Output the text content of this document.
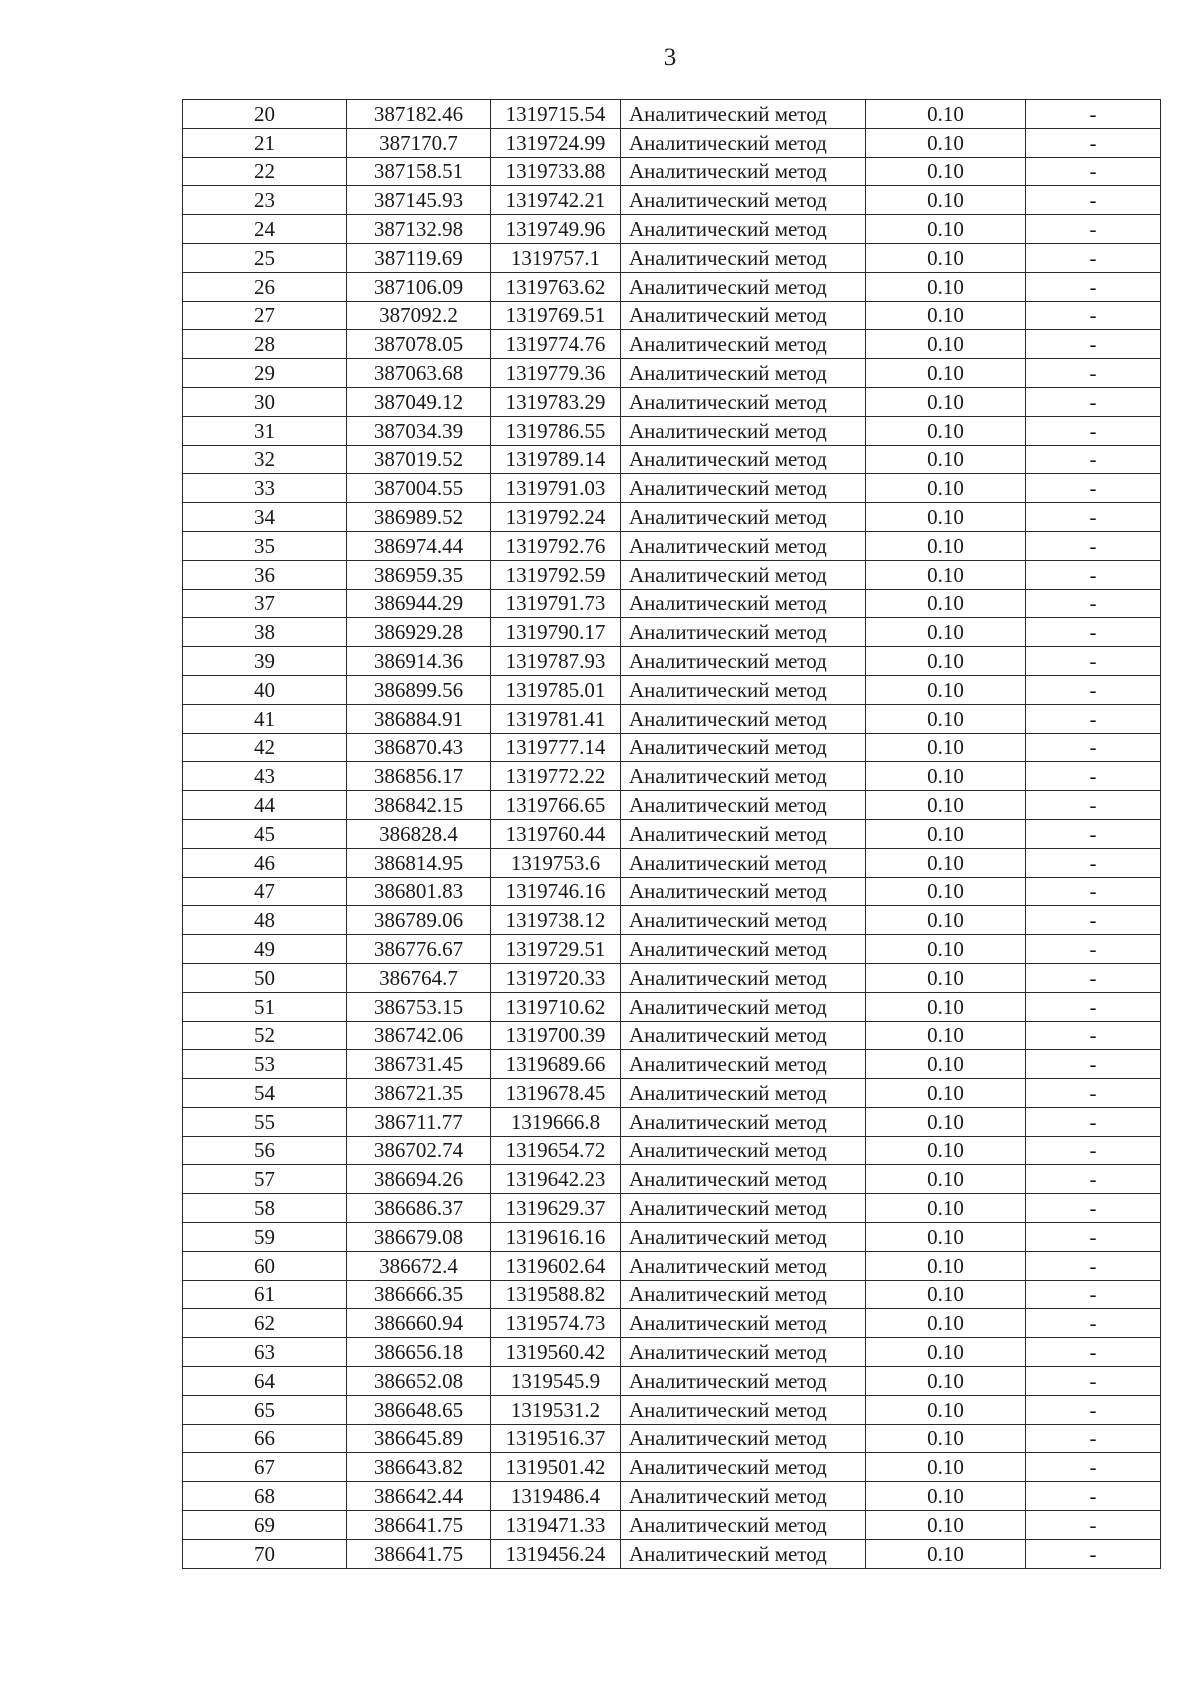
3
20	387182.46	1319715.54	Аналитический метод	0.10	-
21	387170.7	1319724.99	Аналитический метод	0.10	-
22	387158.51	1319733.88	Аналитический метод	0.10	-
23	387145.93	1319742.21	Аналитический метод	0.10	-
24	387132.98	1319749.96	Аналитический метод	0.10	-
25	387119.69	1319757.1	Аналитический метод	0.10	-
26	387106.09	1319763.62	Аналитический метод	0.10	-
27	387092.2	1319769.51	Аналитический метод	0.10	-
28	387078.05	1319774.76	Аналитический метод	0.10	-
29	387063.68	1319779.36	Аналитический метод	0.10	-
30	387049.12	1319783.29	Аналитический метод	0.10	-
31	387034.39	1319786.55	Аналитический метод	0.10	-
32	387019.52	1319789.14	Аналитический метод	0.10	-
33	387004.55	1319791.03	Аналитический метод	0.10	-
34	386989.52	1319792.24	Аналитический метод	0.10	-
35	386974.44	1319792.76	Аналитический метод	0.10	-
36	386959.35	1319792.59	Аналитический метод	0.10	-
37	386944.29	1319791.73	Аналитический метод	0.10	-
38	386929.28	1319790.17	Аналитический метод	0.10	-
39	386914.36	1319787.93	Аналитический метод	0.10	-
40	386899.56	1319785.01	Аналитический метод	0.10	-
41	386884.91	1319781.41	Аналитический метод	0.10	-
42	386870.43	1319777.14	Аналитический метод	0.10	-
43	386856.17	1319772.22	Аналитический метод	0.10	-
44	386842.15	1319766.65	Аналитический метод	0.10	-
45	386828.4	1319760.44	Аналитический метод	0.10	-
46	386814.95	1319753.6	Аналитический метод	0.10	-
47	386801.83	1319746.16	Аналитический метод	0.10	-
48	386789.06	1319738.12	Аналитический метод	0.10	-
49	386776.67	1319729.51	Аналитический метод	0.10	-
50	386764.7	1319720.33	Аналитический метод	0.10	-
51	386753.15	1319710.62	Аналитический метод	0.10	-
52	386742.06	1319700.39	Аналитический метод	0.10	-
53	386731.45	1319689.66	Аналитический метод	0.10	-
54	386721.35	1319678.45	Аналитический метод	0.10	-
55	386711.77	1319666.8	Аналитический метод	0.10	-
56	386702.74	1319654.72	Аналитический метод	0.10	-
57	386694.26	1319642.23	Аналитический метод	0.10	-
58	386686.37	1319629.37	Аналитический метод	0.10	-
59	386679.08	1319616.16	Аналитический метод	0.10	-
60	386672.4	1319602.64	Аналитический метод	0.10	-
61	386666.35	1319588.82	Аналитический метод	0.10	-
62	386660.94	1319574.73	Аналитический метод	0.10	-
63	386656.18	1319560.42	Аналитический метод	0.10	-
64	386652.08	1319545.9	Аналитический метод	0.10	-
65	386648.65	1319531.2	Аналитический метод	0.10	-
66	386645.89	1319516.37	Аналитический метод	0.10	-
67	386643.82	1319501.42	Аналитический метод	0.10	-
68	386642.44	1319486.4	Аналитический метод	0.10	-
69	386641.75	1319471.33	Аналитический метод	0.10	-
70	386641.75	1319456.24	Аналитический метод	0.10	-
